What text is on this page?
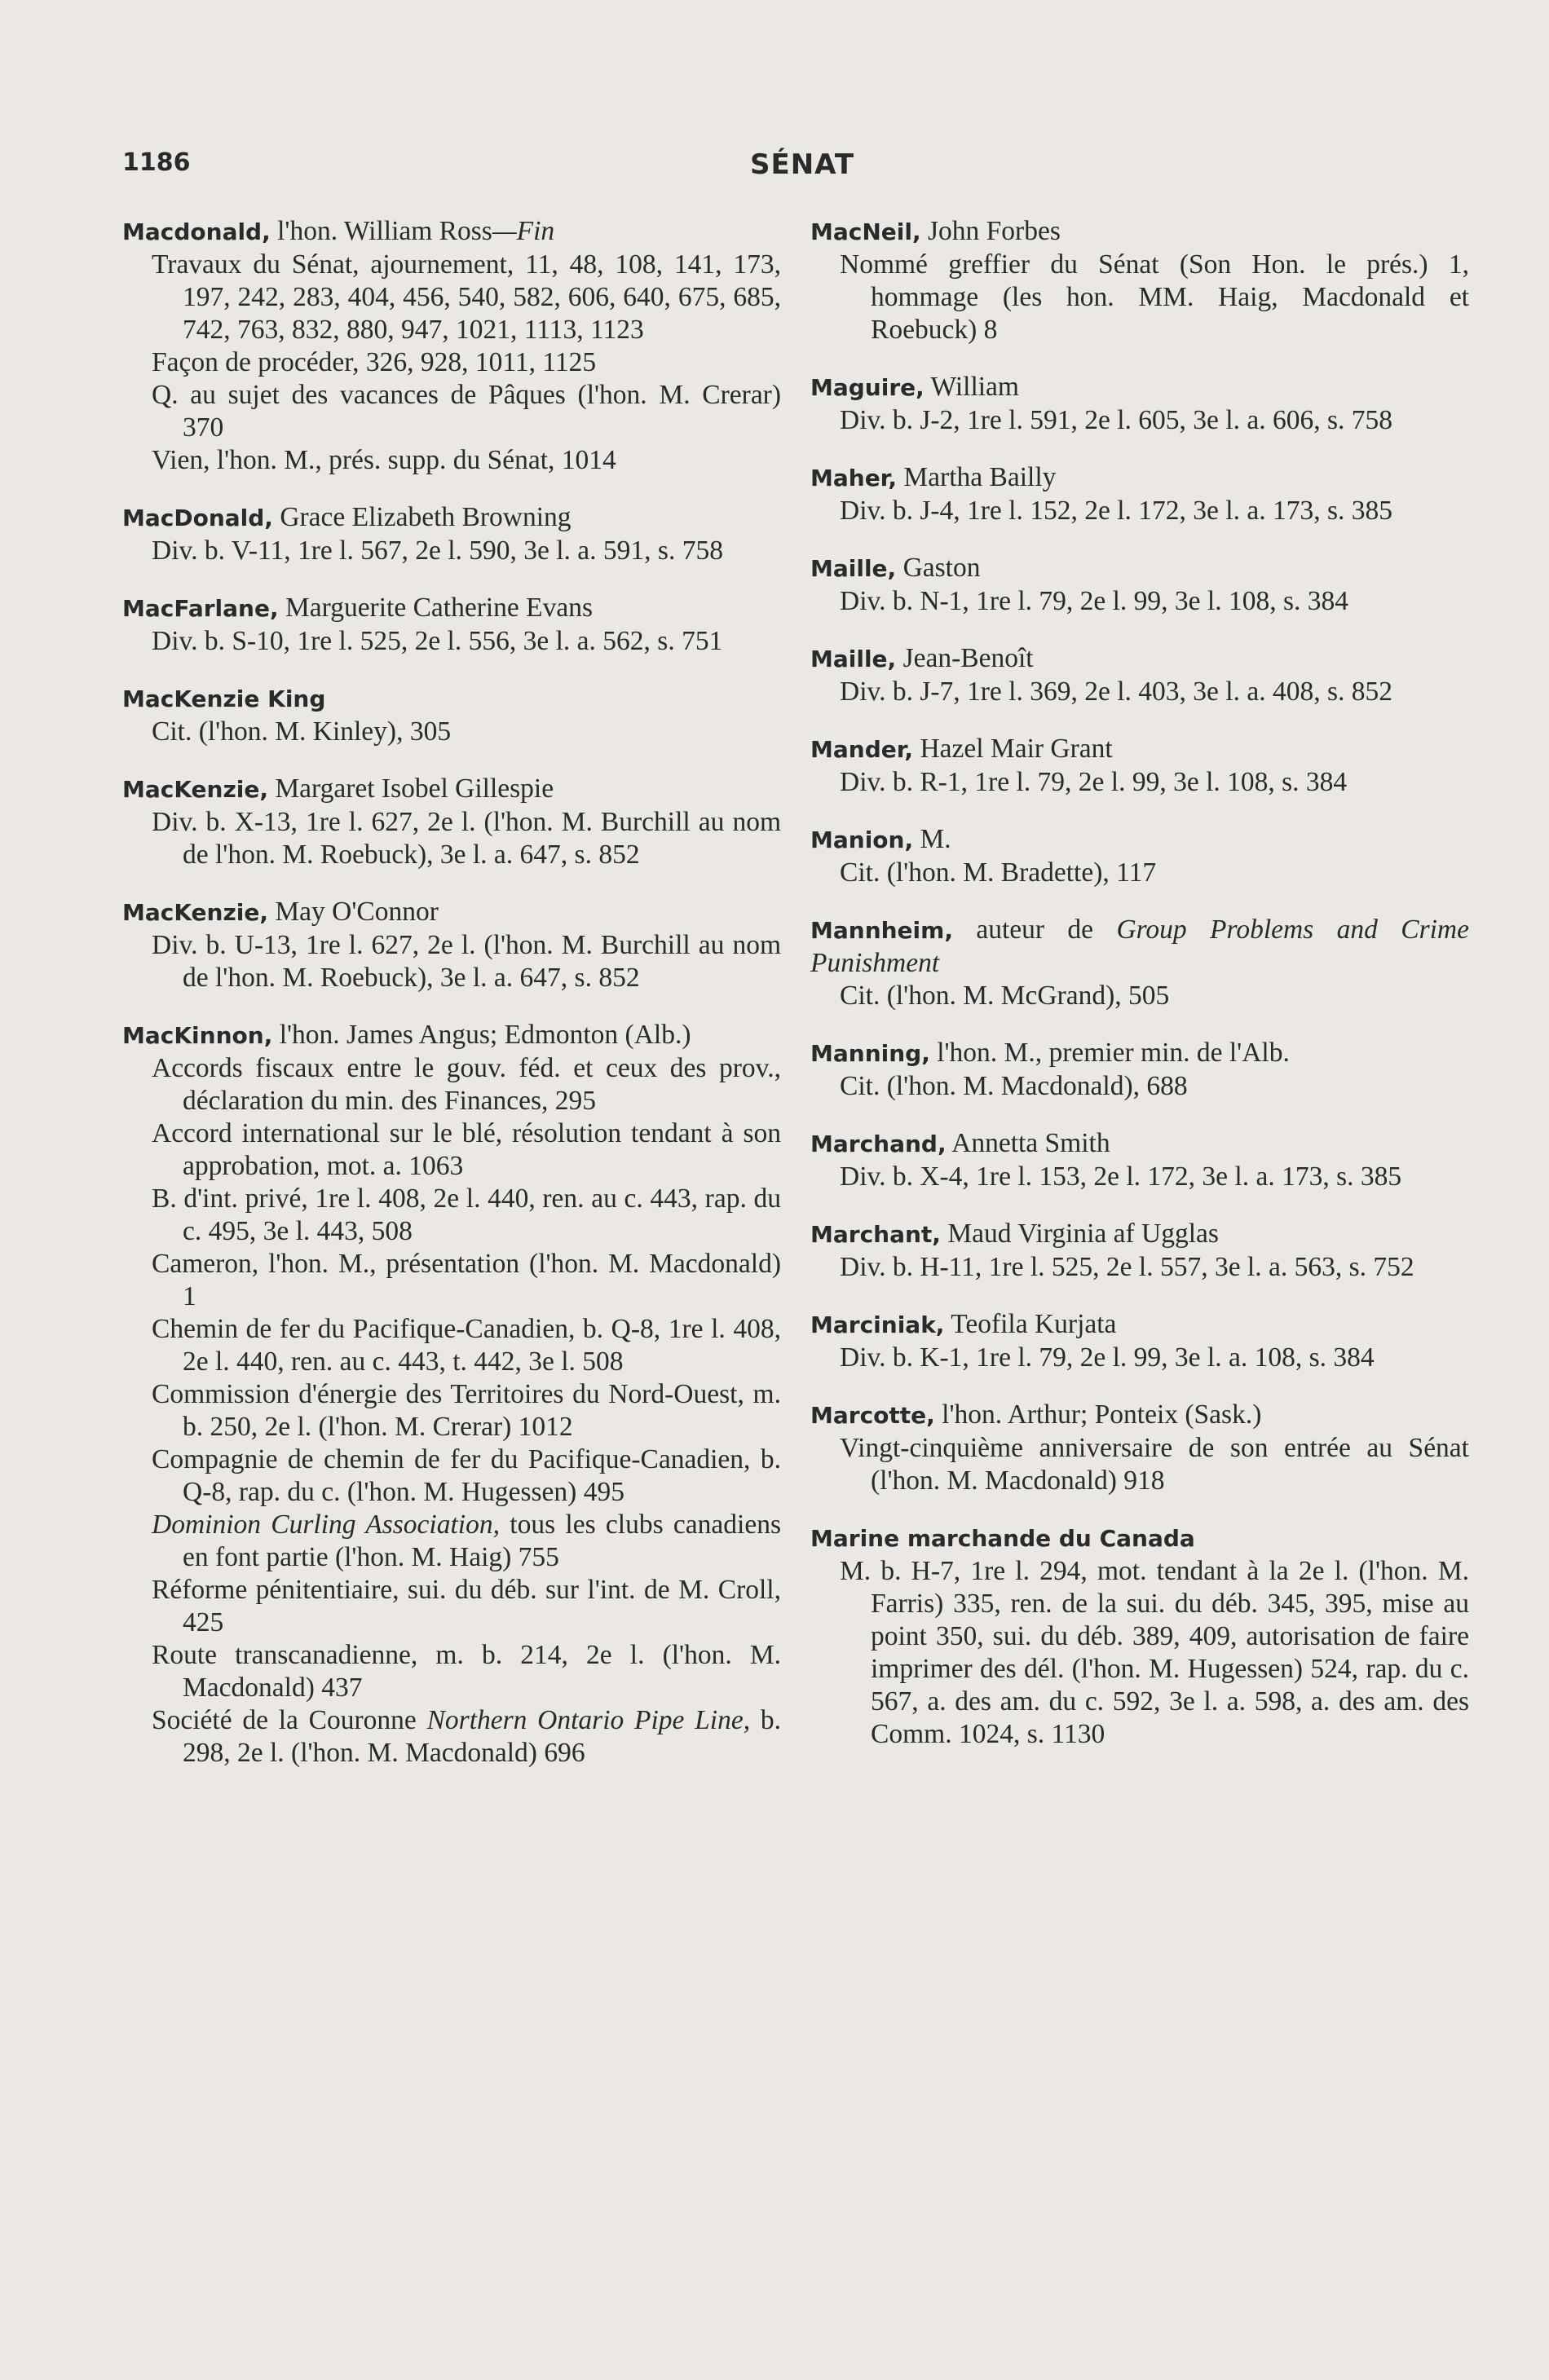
1186	SÉNAT
Macdonald, l'hon. William Ross—Fin
Travaux du Sénat, ajournement, 11, 48, 108, 141, 173, 197, 242, 283, 404, 456, 540, 582, 606, 640, 675, 685, 742, 763, 832, 880, 947, 1021, 1113, 1123
Façon de procéder, 326, 928, 1011, 1125
Q. au sujet des vacances de Pâques (l'hon. M. Crerar) 370
Vien, l'hon. M., prés. supp. du Sénat, 1014
MacDonald, Grace Elizabeth Browning
Div. b. V-11, 1re l. 567, 2e l. 590, 3e l. a. 591, s. 758
MacFarlane, Marguerite Catherine Evans
Div. b. S-10, 1re l. 525, 2e l. 556, 3e l. a. 562, s. 751
MacKenzie King
Cit. (l'hon. M. Kinley), 305
MacKenzie, Margaret Isobel Gillespie
Div. b. X-13, 1re l. 627, 2e l. (l'hon. M. Burchill au nom de l'hon. M. Roebuck), 3e l. a. 647, s. 852
MacKenzie, May O'Connor
Div. b. U-13, 1re l. 627, 2e l. (l'hon. M. Burchill au nom de l'hon. M. Roebuck), 3e l. a. 647, s. 852
MacKinnon, l'hon. James Angus; Edmonton (Alb.)
Accords fiscaux entre le gouv. féd. et ceux des prov., déclaration du min. des Finances, 295
Accord international sur le blé, résolution tendant à son approbation, mot. a. 1063
B. d'int. privé, 1re l. 408, 2e l. 440, ren. au c. 443, rap. du c. 495, 3e l. 443, 508
Cameron, l'hon. M., présentation (l'hon. M. Macdonald) 1
Chemin de fer du Pacifique-Canadien, b. Q-8, 1re l. 408, 2e l. 440, ren. au c. 443, t. 442, 3e l. 508
Commission d'énergie des Territoires du Nord-Ouest, m. b. 250, 2e l. (l'hon. M. Crerar) 1012
Compagnie de chemin de fer du Pacifique-Canadien, b. Q-8, rap. du c. (l'hon. M. Hugessen) 495
Dominion Curling Association, tous les clubs canadiens en font partie (l'hon. M. Haig) 755
Réforme pénitentiaire, sui. du déb. sur l'int. de M. Croll, 425
Route transcanadienne, m. b. 214, 2e l. (l'hon. M. Macdonald) 437
Société de la Couronne Northern Ontario Pipe Line, b. 298, 2e l. (l'hon. M. Macdonald) 696
MacNeil, John Forbes
Nommé greffier du Sénat (Son Hon. le prés.) 1, hommage (les hon. MM. Haig, Macdonald et Roebuck) 8
Maguire, William
Div. b. J-2, 1re l. 591, 2e l. 605, 3e l. a. 606, s. 758
Maher, Martha Bailly
Div. b. J-4, 1re l. 152, 2e l. 172, 3e l. a. 173, s. 385
Maille, Gaston
Div. b. N-1, 1re l. 79, 2e l. 99, 3e l. 108, s. 384
Maille, Jean-Benoît
Div. b. J-7, 1re l. 369, 2e l. 403, 3e l. a. 408, s. 852
Mander, Hazel Mair Grant
Div. b. R-1, 1re l. 79, 2e l. 99, 3e l. 108, s. 384
Manion, M.
Cit. (l'hon. M. Bradette), 117
Mannheim, auteur de Group Problems and Crime Punishment
Cit. (l'hon. M. McGrand), 505
Manning, l'hon. M., premier min. de l'Alb.
Cit. (l'hon. M. Macdonald), 688
Marchand, Annetta Smith
Div. b. X-4, 1re l. 153, 2e l. 172, 3e l. a. 173, s. 385
Marchant, Maud Virginia af Ugglas
Div. b. H-11, 1re l. 525, 2e l. 557, 3e l. a. 563, s. 752
Marciniak, Teofila Kurjata
Div. b. K-1, 1re l. 79, 2e l. 99, 3e l. a. 108, s. 384
Marcotte, l'hon. Arthur; Ponteix (Sask.)
Vingt-cinquième anniversaire de son entrée au Sénat (l'hon. M. Macdonald) 918
Marine marchande du Canada
M. b. H-7, 1re l. 294, mot. tendant à la 2e l. (l'hon. M. Farris) 335, ren. de la sui. du déb. 345, 395, mise au point 350, sui. du déb. 389, 409, autorisation de faire imprimer des dél. (l'hon. M. Hugessen) 524, rap. du c. 567, a. des am. du c. 592, 3e l. a. 598, a. des am. des Comm. 1024, s. 1130
